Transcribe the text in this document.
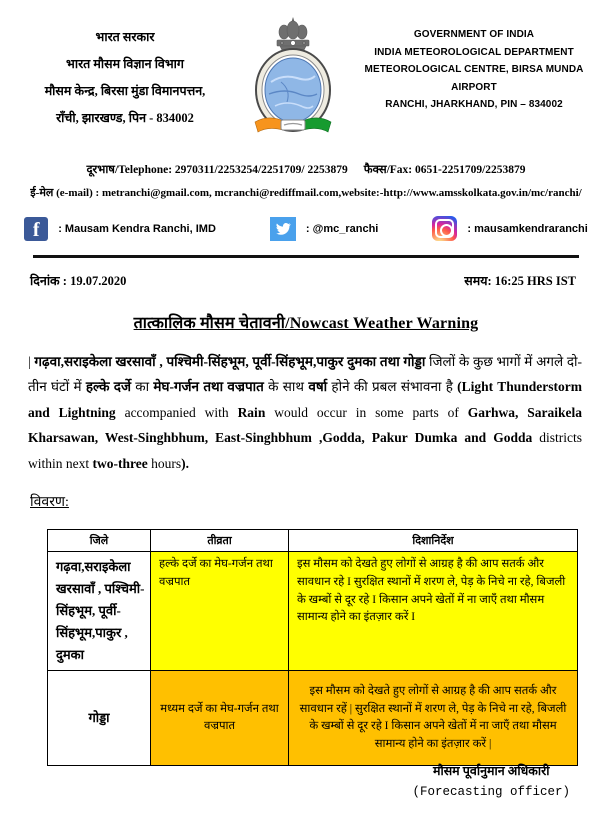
भारत सरकार
भारत मौसम विज्ञान विभाग
मौसम केन्द्र, बिरसा मुंडा विमानपत्तन,
राँची, झारखण्ड, पिन - 834002
GOVERNMENT OF INDIA
INDIA METEOROLOGICAL DEPARTMENT
METEOROLOGICAL CENTRE, BIRSA MUNDA AIRPORT
RANCHI, JHARKHAND, PIN – 834002
दूरभाष/Telephone: 2970311/2253254/2251709/ 2253879 फैक्स/Fax: 0651-2251709/2253879
ई-मेल (e-mail) : metranchi@gmail.com, mcranchi@rediffmail.com,website:-http://www.amsskolkata.gov.in/mc/ranchi/
f	: Mausam Kendra Ranchi, IMD	: @mc_ranchi	: mausamkendraranchi
दिनांक : 19.07.2020	समय: 16:25 HRS IST
तात्कालिक मौसम चेतावनी/Nowcast Weather Warning

| गढ़वा,सराइकेला खरसावाँ , पश्चिमी-सिंहभूम, पूर्वी-सिंहभूम,पाकुर दुमका तथा गोड्डा जिलों के कुछ भागों में अगले दो-तीन घंटों में हल्के दर्जे का मेघ-गर्जन तथा वज्रपात के साथ वर्षा होने की प्रबल संभावना है (Light Thunderstorm and Lightning accompanied with Rain would occur in some parts of Garhwa, Saraikela Kharsawan, West-Singhbhum, East-Singhbhum ,Godda, Pakur Dumka and Godda districts within next two-three hours).

विवरण:
जिले	तीव्रता	दिशानिर्देश
गढ़वा,सराइकेला खरसावाँ , पश्चिमी-सिंहभूम, पूर्वी-सिंहभूम,पाकुर , दुमका	हल्के दर्जे का मेघ-गर्जन तथा वज्रपात	इस मौसम को देखते हुए लोगों से आग्रह है की आप सतर्क और सावधान रहे I सुरक्षित स्थानों में शरण ले, पेड़ के निचे ना रहे, बिजली के खम्बों से दूर रहे I किसान अपने खेतों में ना जाएँ तथा मौसम सामान्य होने का इंतज़ार करें I
गोड्डा	मध्यम दर्जे का मेघ-गर्जन तथा वज्रपात	इस मौसम को देखते हुए लोगों से आग्रह है की आप सतर्क और सावधान रहें | सुरक्षित स्थानों में शरण ले, पेड़ के निचे ना रहे, बिजली के खम्बों से दूर रहे I किसान अपने खेतों में ना जाएँ तथा मौसम सामान्य होने का इंतज़ार करें |
मौसम पूर्वानुमान अधिकारी
(Forecasting officer)
